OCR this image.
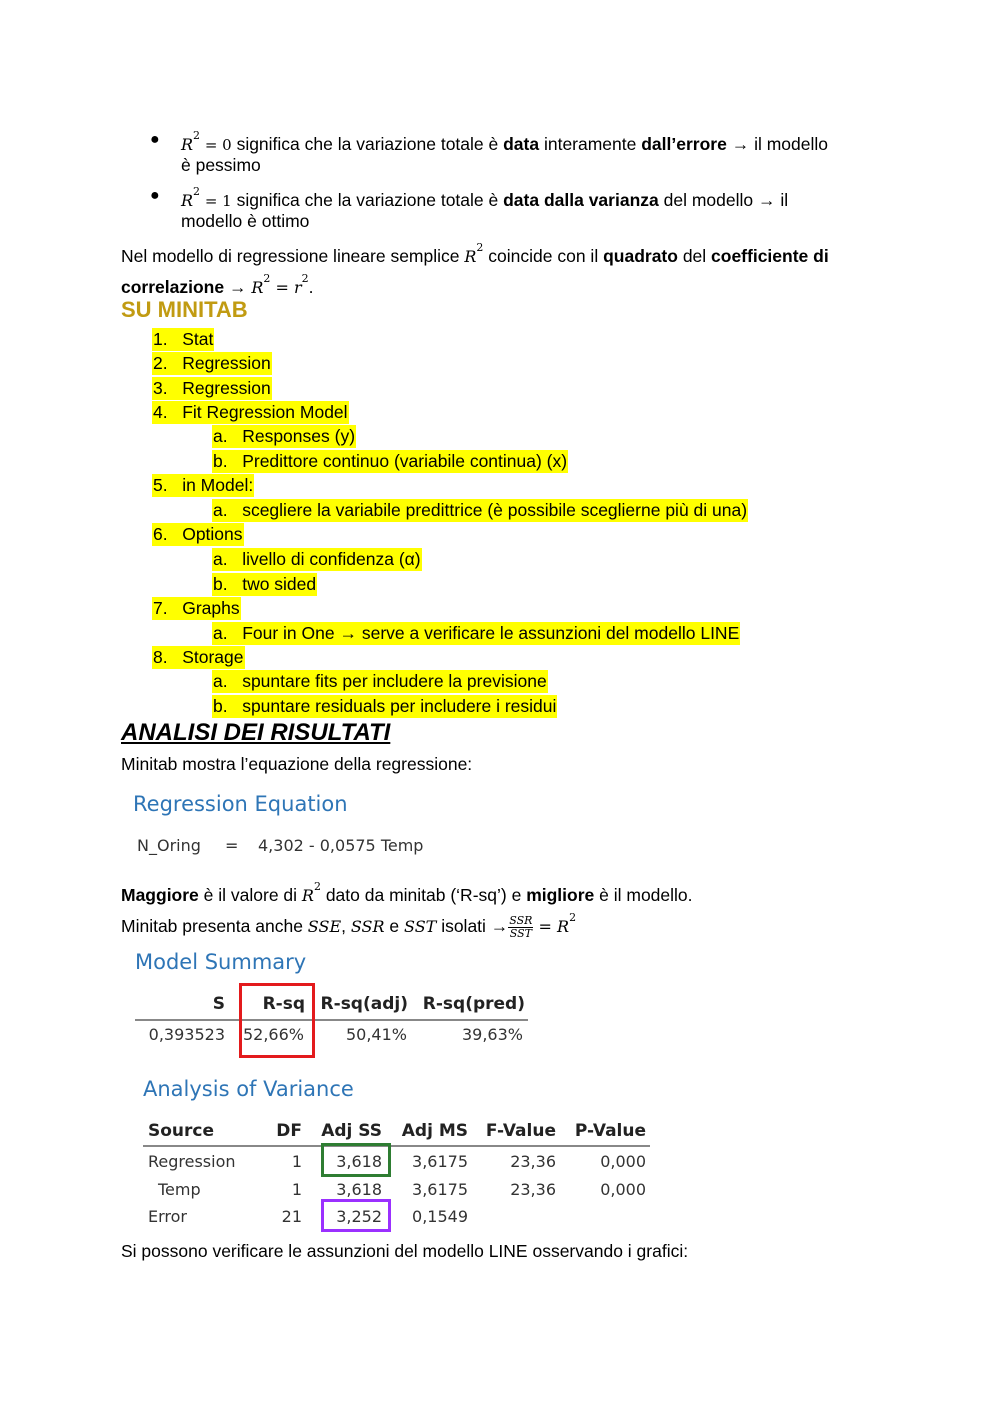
● $R^2 = 0$ significa che la variazione totale è data interamente dall’errore → il modello
è pessimo
● $R^2 = 1$ significa che la variazione totale è data dalla varianza del modello → il
modello è ottimo
Nel modello di regressione lineare semplice $R^2$ coincide con il quadrato del coefficiente di
correlazione → $R^2 = r^2$.
SU MINITAB
1. Stat
2. Regression
3. Regression
4. Fit Regression Model
a. Responses (y)
b. Predittore continuo (variabile continua) (x)
5. in Model:
a. scegliere la variabile predittrice (è possibile sceglierne più di una)
6. Options
a. livello di confidenza (α)
b. two sided
7. Graphs
a. Four in One → serve a verificare le assunzioni del modello LINE
8. Storage
a. spuntare fits per includere la previsione
b. spuntare residuals per includere i residui
ANALISI DEI RISULTATI
Minitab mostra l’equazione della regressione:
Regression Equation
N_Oring = 4,302 - 0,0575 Temp
Maggiore è il valore di $R^2$ dato da minitab (‘R-sq’) e migliore è il modello.
Minitab presenta anche SSE, SSR e SST isolati → $\frac{\text{SSR}}{\text{SST}} = R^2$
Model Summary
S	R-sq R-sq(adj) R-sq(pred)
0,393523 52,66%	50,41%	39,63%
Analysis of Variance
Source	DF Adj SS Adj MS F-Value	P-Value
Regression	1	3,618	3,6175	23,36	0,000
Temp	1	3,618	3,6175	23,36	0,000
Error	21	3,252	0,1549
Si possono verificare le assunzioni del modello LINE osservando i grafici:
